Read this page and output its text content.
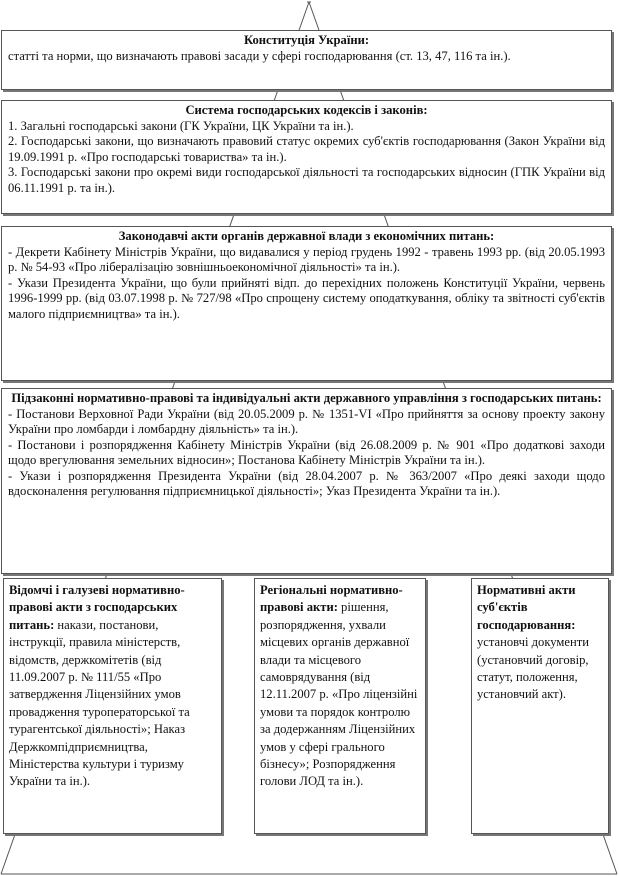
Конституція України:
статті та норми, що визначають правові засади у сфері господарювання (ст. 13, 47, 116 та ін.).
Система господарських кодексів і законів:
1. Загальні господарські закони (ГК України, ЦК України та ін.).
2. Господарські закони, що визначають правовий статус окремих суб'єктів господарювання (Закон України від 19.09.1991 р. «Про господарські товариства» та ін.).
3. Господарські закони про окремі види господарської діяльності та господарських відносин (ГПК України від 06.11.1991 р. та ін.).
Законодавчі акти органів державної влади з економічних питань:
- Декрети Кабінету Міністрів України, що видавалися у період грудень 1992 - травень 1993 рр. (від 20.05.1993 р. № 54-93 «Про лібералізацію зовнішньоекономічної діяльності» та ін.).
- Укази Президента України, що були прийняті відп. до перехідних положень Конституції України, червень 1996-1999 рр. (від 03.07.1998 р. № 727/98 «Про спрощену систему оподаткування, обліку та звітності суб'єктів малого підприємництва» та ін.).
Підзаконні нормативно-правові та індивідуальні акти державного управління з господарських питань:
- Постанови Верховної Ради України (від 20.05.2009 р. № 1351-VI «Про прийняття за основу проекту закону України про ломбарди і ломбардну діяльність» та ін.).
- Постанови і розпорядження Кабінету Міністрів України (від 26.08.2009 р. № 901 «Про додаткові заходи щодо врегулювання земельних відносин»; Постанова Кабінету Міністрів України та ін.).
- Укази і розпорядження Президента України (від 28.04.2007 р. № 363/2007 «Про деякі заходи щодо вдосконалення регулювання підприємницької діяльності»; Указ Президента України та ін.).
Відомчі і галузеві нормативно-правові акти з господарських питань: накази, постанови, інструкції, правила міністерств, відомств, держкомітетів (від 11.09.2007 р. № 111/55 «Про затвердження Ліцензійних умов провадження туроператорської та турагентської діяльності»; Наказ Держкомпідприємництва, Міністерства культури і туризму України та ін.).
Регіональні нормативно-правові акти: рішення, розпорядження, ухвали місцевих органів державної влади та місцевого самоврядування (від 12.11.2007 р. «Про ліцензійні умови та порядок контролю за додержанням Ліцензійних умов у сфері грального бізнесу»; Розпорядження голови ЛОД та ін.).
Нормативні акти суб'єктів господарювання: установчі документи (установчий договір, статут, положення, установчий акт).
